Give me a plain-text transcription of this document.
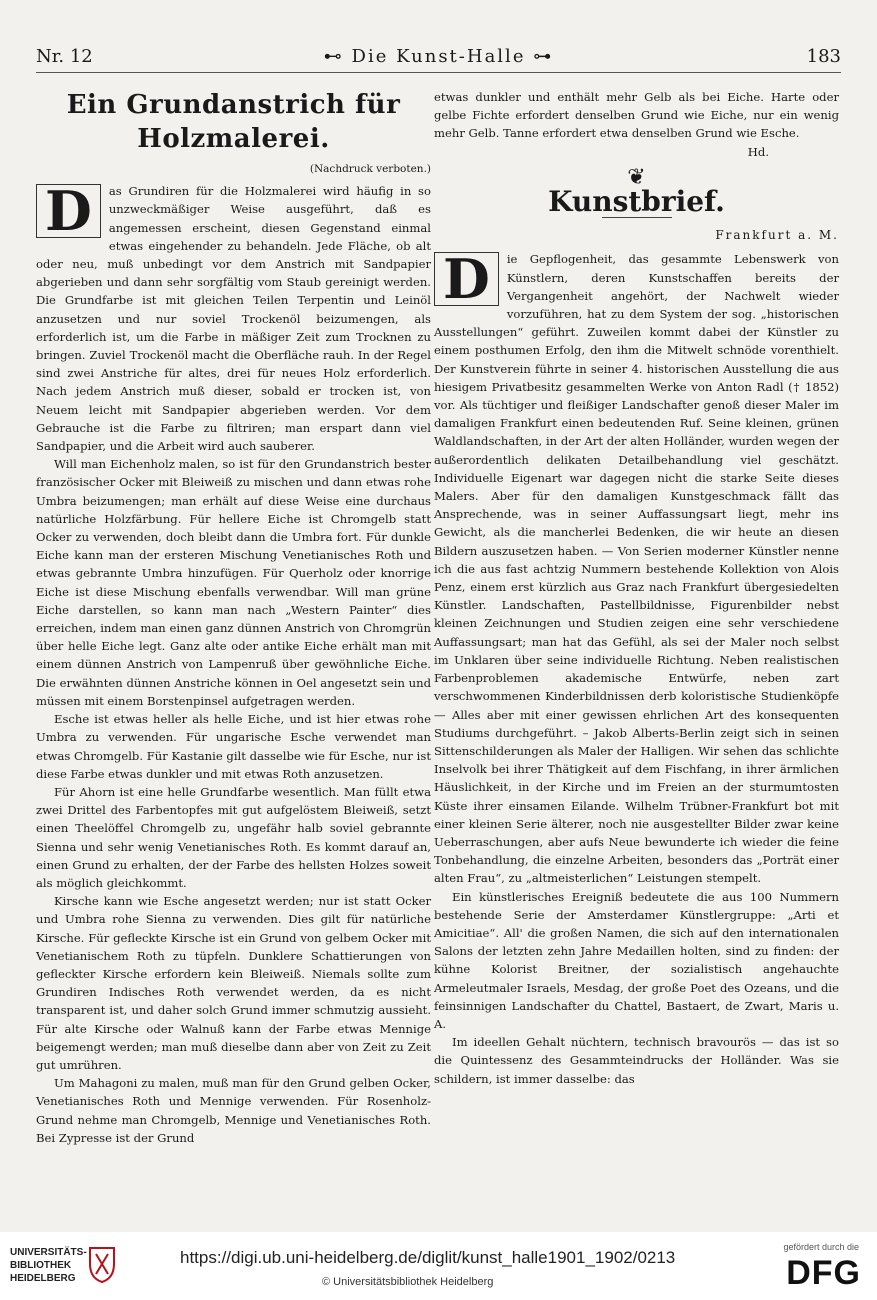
Nr. 12	⊷ Die Kunst-Halle ⊶	183
Ein Grundanstrich für Holzmalerei.
(Nachdruck verboten.)

D	as Grundiren für die Holzmalerei wird häufig in so unzweckmäßiger Weise ausgeführt, daß es angemessen erscheint, diesen Gegenstand einmal etwas eingehender zu behandeln. Jede Fläche, ob alt oder neu, muß unbedingt vor dem Anstrich mit Sandpapier abgerieben und dann sehr sorgfältig vom Staub gereinigt werden. Die Grundfarbe ist mit gleichen Teilen Terpentin und Leinöl anzusetzen und nur soviel Trockenöl beizumengen, als erforderlich ist, um die Farbe in mäßiger Zeit zum Trocknen zu bringen. Zuviel Trockenöl macht die Oberfläche rauh. In der Regel sind zwei Anstriche für altes, drei für neues Holz erforderlich. Nach jedem Anstrich muß dieser, sobald er trocken ist, von Neuem leicht mit Sandpapier abgerieben werden. Vor dem Gebrauche ist die Farbe zu filtriren; man erspart dann viel Sandpapier, und die Arbeit wird auch sauberer.

Will man Eichenholz malen, so ist für den Grundanstrich bester französischer Ocker mit Bleiweiß zu mischen und dann etwas rohe Umbra beizumengen; man erhält auf diese Weise eine durchaus natürliche Holzfärbung. Für hellere Eiche ist Chromgelb statt Ocker zu verwenden, doch bleibt dann die Umbra fort. Für dunkle Eiche kann man der ersteren Mischung Venetianisches Roth und etwas gebrannte Umbra hinzufügen. Für Querholz oder knorrige Eiche ist diese Mischung ebenfalls verwendbar. Will man grüne Eiche darstellen, so kann man nach „Western Painter“ dies erreichen, indem man einen ganz dünnen Anstrich von Chromgrün über helle Eiche legt. Ganz alte oder antike Eiche erhält man mit einem dünnen Anstrich von Lampenruß über gewöhnliche Eiche. Die erwähnten dünnen Anstriche können in Oel angesetzt sein und müssen mit einem Borstenpinsel aufgetragen werden.

Esche ist etwas heller als helle Eiche, und ist hier etwas rohe Umbra zu verwenden. Für ungarische Esche verwendet man etwas Chromgelb. Für Kastanie gilt dasselbe wie für Esche, nur ist diese Farbe etwas dunkler und mit etwas Roth anzusetzen.

Für Ahorn ist eine helle Grundfarbe wesentlich. Man füllt etwa zwei Drittel des Farbentopfes mit gut aufgelöstem Bleiweiß, setzt einen Theelöffel Chromgelb zu, ungefähr halb soviel gebrannte Sienna und sehr wenig Venetianisches Roth. Es kommt darauf an, einen Grund zu erhalten, der der Farbe des hellsten Holzes soweit als möglich gleichkommt.

Kirsche kann wie Esche angesetzt werden; nur ist statt Ocker und Umbra rohe Sienna zu verwenden. Dies gilt für natürliche Kirsche. Für gefleckte Kirsche ist ein Grund von gelbem Ocker mit Venetianischem Roth zu tüpfeln. Dunklere Schattierungen von gefleckter Kirsche erfordern kein Bleiweiß. Niemals sollte zum Grundiren Indisches Roth verwendet werden, da es nicht transparent ist, und daher solch Grund immer schmutzig aussieht. Für alte Kirsche oder Walnuß kann der Farbe etwas Mennige beigemengt werden; man muß dieselbe dann aber von Zeit zu Zeit gut umrühren.

Um Mahagoni zu malen, muß man für den Grund gelben Ocker, Venetianisches Roth und Mennige verwenden. Für Rosenholz-Grund nehme man Chromgelb, Mennige und Venetianisches Roth. Bei Zypresse ist der Grund

etwas dunkler und enthält mehr Gelb als bei Eiche. Harte oder gelbe Fichte erfordert denselben Grund wie Eiche, nur ein wenig mehr Gelb. Tanne erfordert etwa denselben Grund wie Esche.

Hd.
❦
Kunstbrief.
Frankfurt a. M.

D	ie Gepflogenheit, das gesammte Lebenswerk von Künstlern, deren Kunstschaffen bereits der Vergangenheit angehört, der Nachwelt wieder vorzuführen, hat zu dem System der sog. „historischen Ausstellungen“ geführt. Zuweilen kommt dabei der Künstler zu einem posthumen Erfolg, den ihm die Mitwelt schnöde vorenthielt. Der Kunstverein führte in seiner 4. historischen Ausstellung die aus hiesigem Privatbesitz gesammelten Werke von Anton Radl († 1852) vor. Als tüchtiger und fleißiger Landschafter genoß dieser Maler im damaligen Frankfurt einen bedeutenden Ruf. Seine kleinen, grünen Waldlandschaften, in der Art der alten Holländer, wurden wegen der außerordentlich delikaten Detailbehandlung viel geschätzt. Individuelle Eigenart war dagegen nicht die starke Seite dieses Malers. Aber für den damaligen Kunstgeschmack fällt das Ansprechende, was in seiner Auffassungsart liegt, mehr ins Gewicht, als die mancherlei Bedenken, die wir heute an diesen Bildern auszusetzen haben. — Von Serien moderner Künstler nenne ich die aus fast achtzig Nummern bestehende Kollektion von Alois Penz, einem erst kürzlich aus Graz nach Frankfurt übergesiedelten Künstler. Landschaften, Pastellbildnisse, Figurenbilder nebst kleinen Zeichnungen und Studien zeigen eine sehr verschiedene Auffassungsart; man hat das Gefühl, als sei der Maler noch selbst im Unklaren über seine individuelle Richtung. Neben realistischen Farbenproblemen akademische Entwürfe, neben zart verschwommenen Kinderbildnissen derb koloristische Studienköpfe — Alles aber mit einer gewissen ehrlichen Art des konsequenten Studiums durchgeführt. – Jakob Alberts-Berlin zeigt sich in seinen Sittenschilderungen als Maler der Halligen. Wir sehen das schlichte Inselvolk bei ihrer Thätigkeit auf dem Fischfang, in ihrer ärmlichen Häuslichkeit, in der Kirche und im Freien an der sturmumtosten Küste ihrer einsamen Eilande. Wilhelm Trübner-Frankfurt bot mit einer kleinen Serie älterer, noch nie ausgestellter Bilder zwar keine Ueberraschungen, aber aufs Neue bewunderte ich wieder die feine Tonbehandlung, die einzelne Arbeiten, besonders das „Porträt einer alten Frau“, zu „altmeisterlichen“ Leistungen stempelt.

Ein künstlerisches Ereigniß bedeutete die aus 100 Nummern bestehende Serie der Amsterdamer Künstlergruppe: „Arti et Amicitiae“. All' die großen Namen, die sich auf den internationalen Salons der letzten zehn Jahre Medaillen holten, sind zu finden: der kühne Kolorist Breitner, der sozialistisch angehauchte Armeleutmaler Israels, Mesdag, der große Poet des Ozeans, und die feinsinnigen Landschafter du Chattel, Bastaert, de Zwart, Maris u. A.

Im ideellen Gehalt nüchtern, technisch bravourös — das ist so die Quintessenz des Gesammteindrucks der Holländer. Was sie schildern, ist immer dasselbe: das

UNIVERSITÄTS- BIBLIOTHEK HEIDELBERG
https://digi.ub.uni-heidelberg.de/diglit/kunst_halle1901_1902/0213
© Universitätsbibliothek Heidelberg
gefördert durch die
DFG
